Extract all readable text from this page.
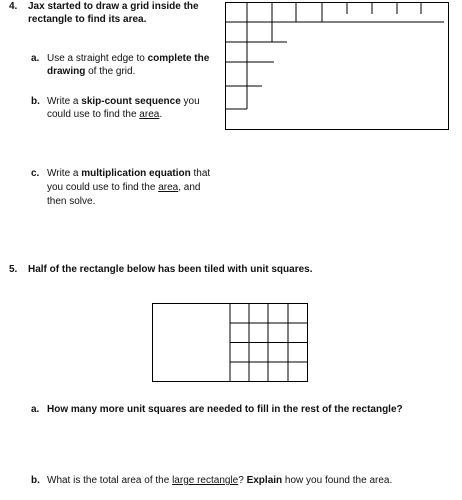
4. Jax started to draw a grid inside the
rectangle to find its area.
a. Use a straight edge to complete the
drawing of the grid.
b. Write a skip-count sequence you
could use to find the area.
c. Write a multiplication equation that
you could use to find the area, and
then solve.
5. Half of the rectangle below has been tiled with unit squares.
a. How many more unit squares are needed to fill in the rest of the rectangle?
b. What is the total area of the large rectangle? Explain how you found the area.
